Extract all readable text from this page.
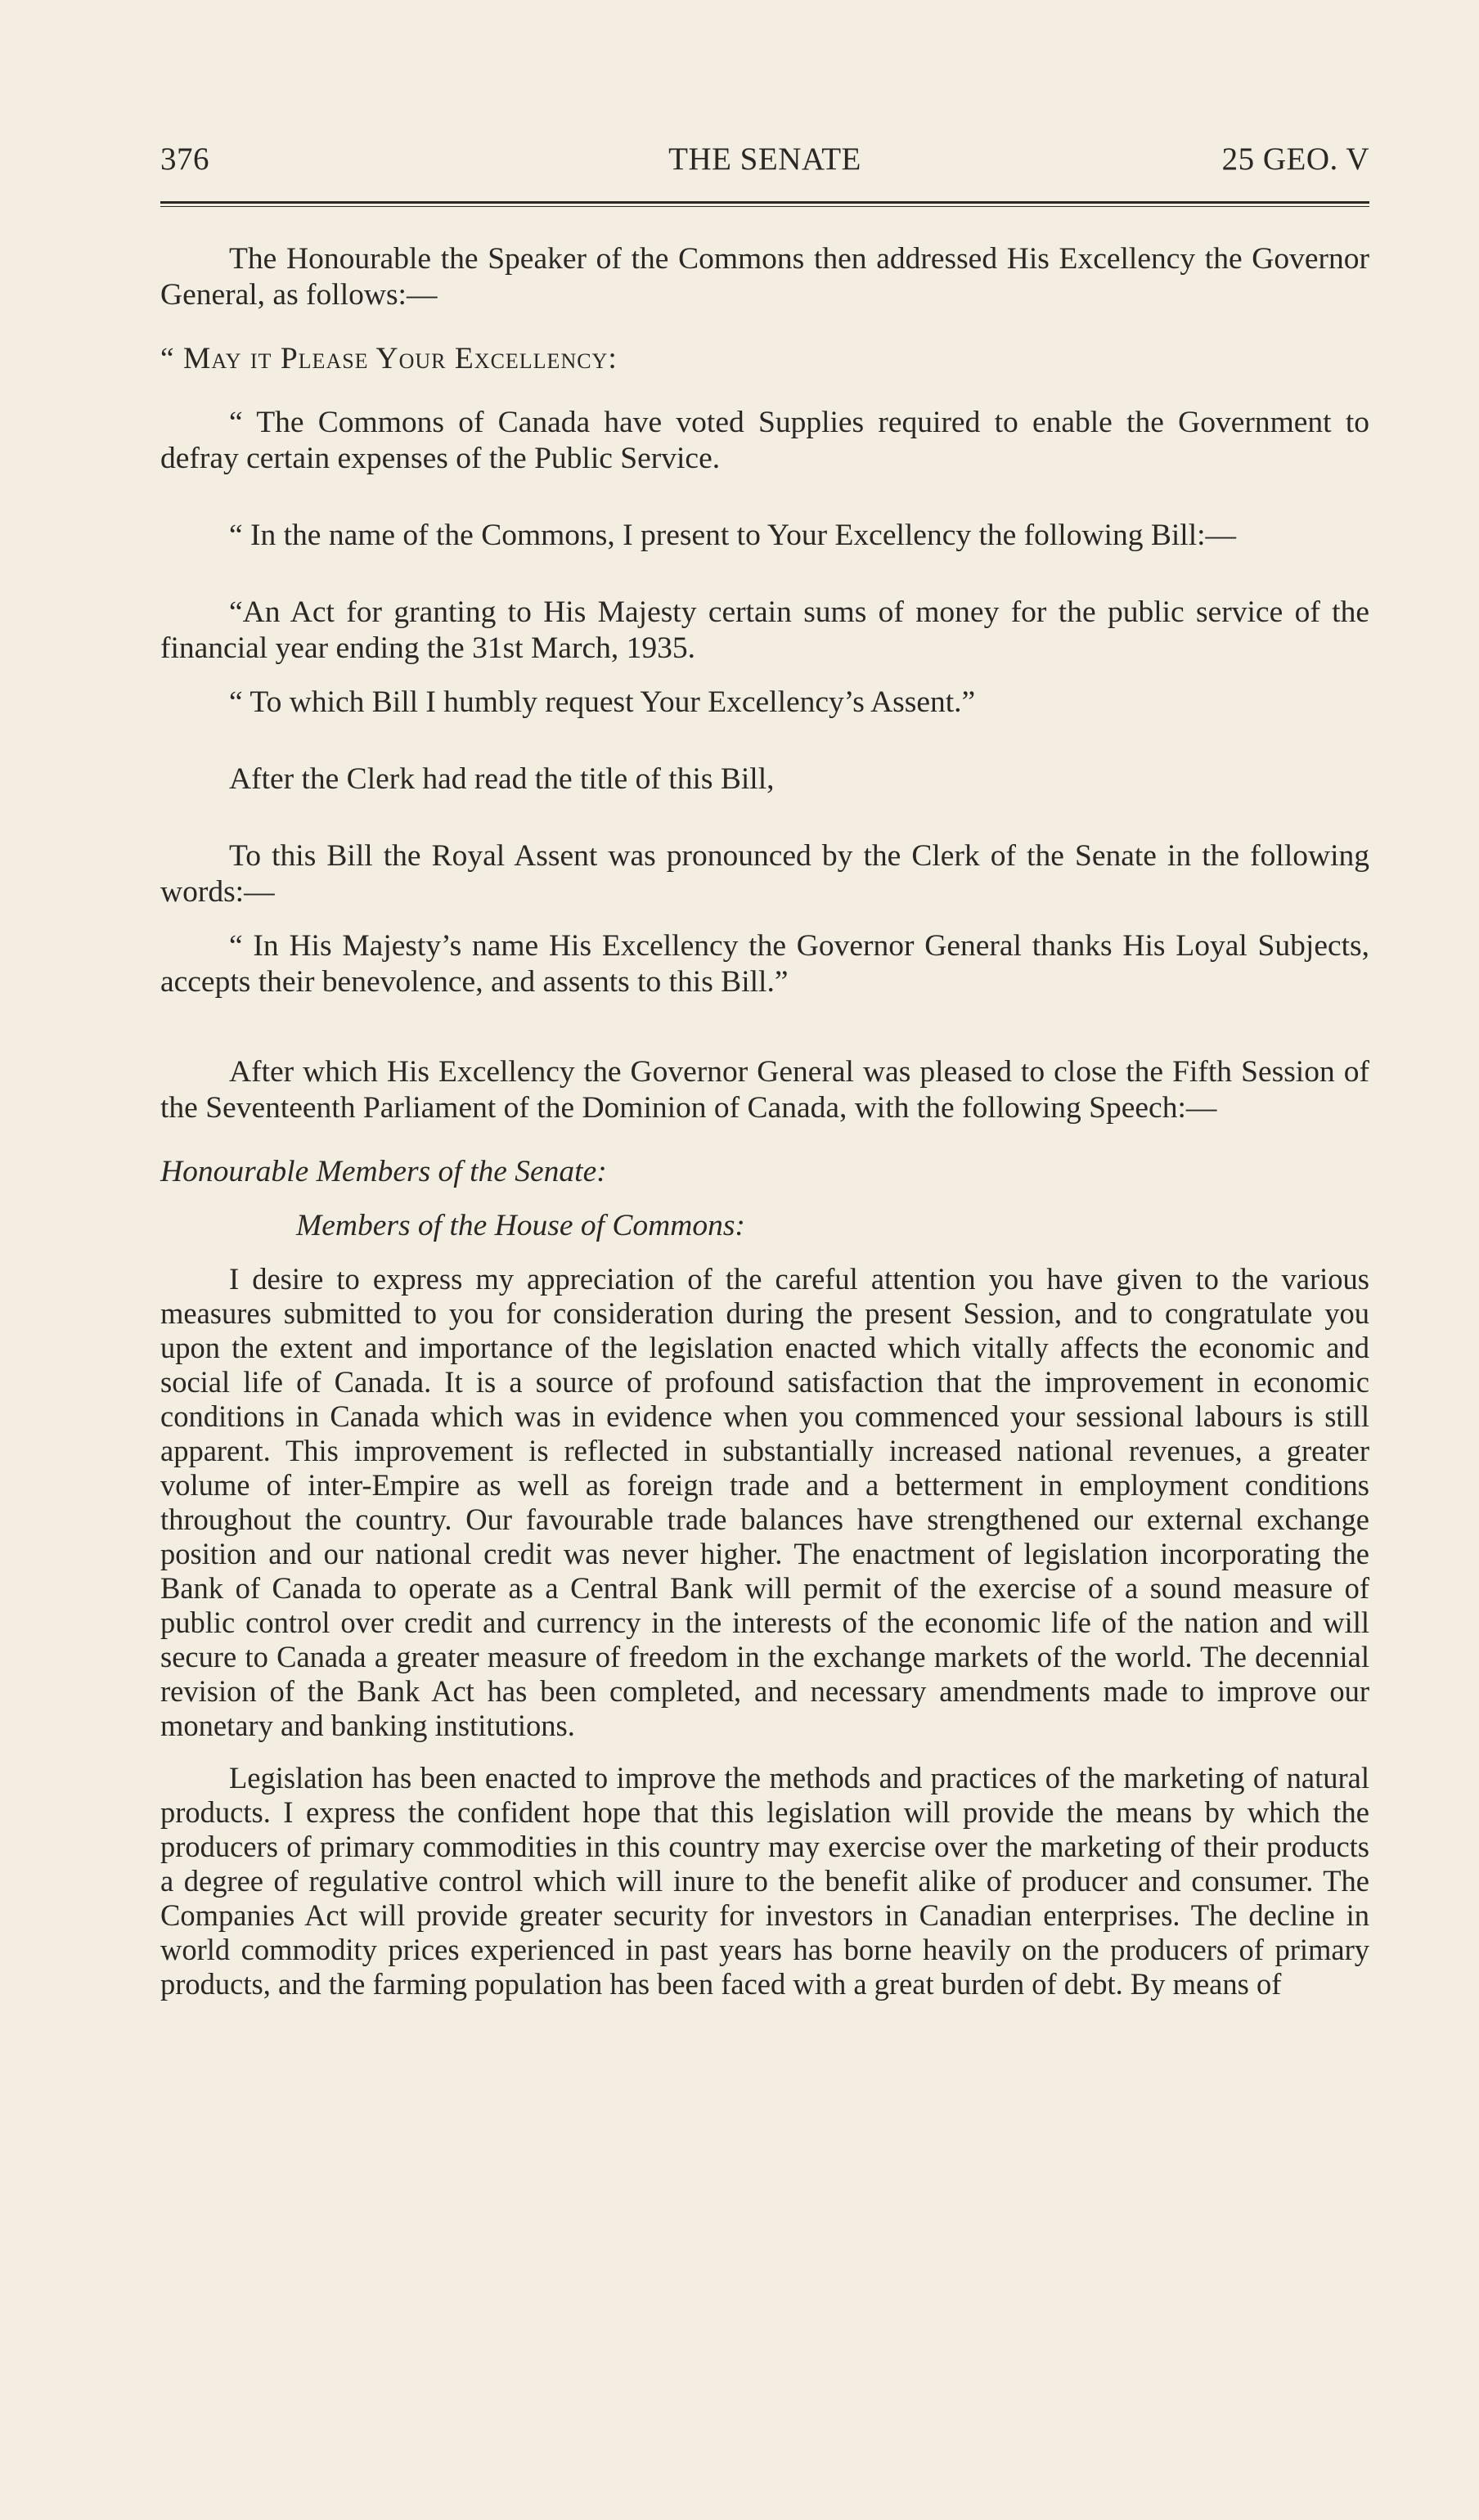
376	THE SENATE	25 GEO. V

The Honourable the Speaker of the Commons then addressed His Excellency the Governor General, as follows:—

“ May it Please Your Excellency:

“ The Commons of Canada have voted Supplies required to enable the Government to defray certain expenses of the Public Service.

“ In the name of the Commons, I present to Your Excellency the following Bill:—

“An Act for granting to His Majesty certain sums of money for the public service of the financial year ending the 31st March, 1935.

“ To which Bill I humbly request Your Excellency’s Assent.”

After the Clerk had read the title of this Bill,

To this Bill the Royal Assent was pronounced by the Clerk of the Senate in the following words:—

“ In His Majesty’s name His Excellency the Governor General thanks His Loyal Subjects, accepts their benevolence, and assents to this Bill.”

After which His Excellency the Governor General was pleased to close the Fifth Session of the Seventeenth Parliament of the Dominion of Canada, with the following Speech:—

Honourable Members of the Senate:

Members of the House of Commons:

I desire to express my appreciation of the careful attention you have given to the various measures submitted to you for consideration during the present Session, and to congratulate you upon the extent and importance of the legislation enacted which vitally affects the economic and social life of Canada. It is a source of profound satisfaction that the improvement in economic conditions in Canada which was in evidence when you commenced your sessional labours is still apparent. This improvement is reflected in substantially increased national revenues, a greater volume of inter-Empire as well as foreign trade and a betterment in employment conditions throughout the country. Our favourable trade balances have strengthened our external exchange position and our national credit was never higher. The enactment of legislation incorporating the Bank of Canada to operate as a Central Bank will permit of the exercise of a sound measure of public control over credit and currency in the interests of the economic life of the nation and will secure to Canada a greater measure of freedom in the exchange markets of the world. The decennial revision of the Bank Act has been completed, and necessary amendments made to improve our monetary and banking institutions.

Legislation has been enacted to improve the methods and practices of the marketing of natural products. I express the confident hope that this legislation will provide the means by which the producers of primary commodities in this country may exercise over the marketing of their products a degree of regulative control which will inure to the benefit alike of producer and consumer. The Companies Act will provide greater security for investors in Canadian enterprises. The decline in world commodity prices experienced in past years has borne heavily on the producers of primary products, and the farming population has been faced with a great burden of debt. By means of
